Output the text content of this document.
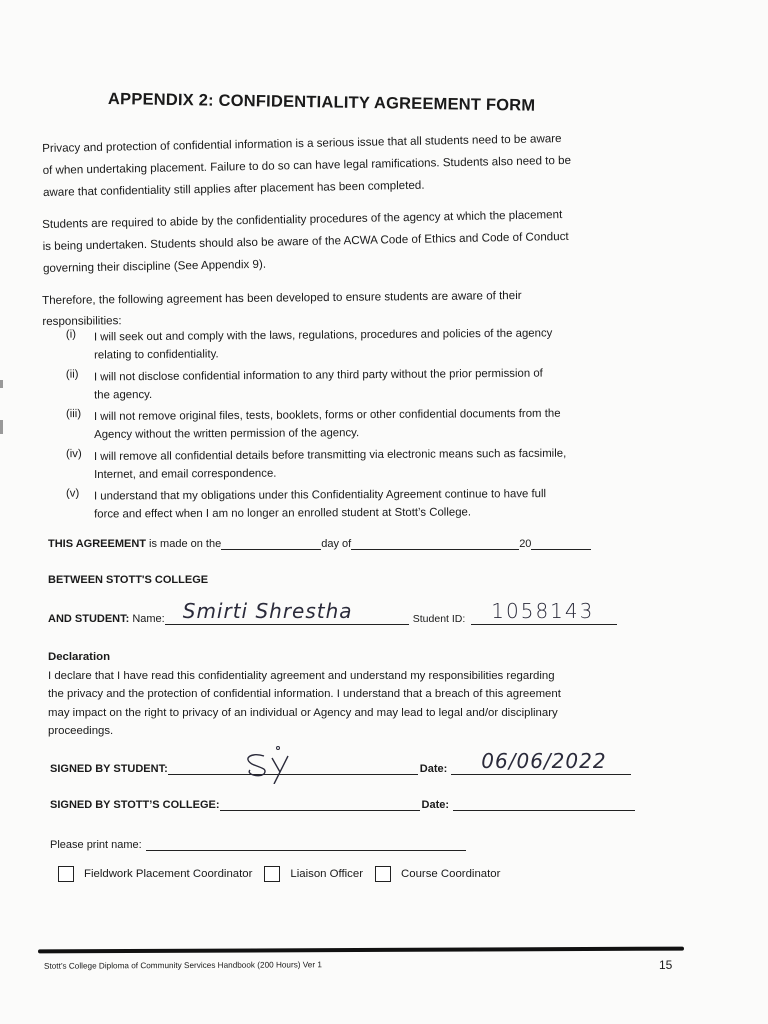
APPENDIX 2: CONFIDENTIALITY AGREEMENT FORM
Privacy and protection of confidential information is a serious issue that all students need to be aware
of when undertaking placement. Failure to do so can have legal ramifications. Students also need to be
aware that confidentiality still applies after placement has been completed.
Students are required to abide by the confidentiality procedures of the agency at which the placement
is being undertaken. Students should also be aware of the ACWA Code of Ethics and Code of Conduct
governing their discipline (See Appendix 9).
Therefore, the following agreement has been developed to ensure students are aware of their
responsibilities:
(i)	I will seek out and comply with the laws, regulations, procedures and policies of the agency
relating to confidentiality.
(ii)	I will not disclose confidential information to any third party without the prior permission of
the agency.
(iii)	I will not remove original files, tests, booklets, forms or other confidential documents from the
Agency without the written permission of the agency.
(iv)	I will remove all confidential details before transmitting via electronic means such as facsimile,
Internet, and email correspondence.
(v)	I understand that my obligations under this Confidentiality Agreement continue to have full
force and effect when I am no longer an enrolled student at Stott’s College.
THIS AGREEMENT is made on the	day of	20
BETWEEN STOTT'S COLLEGE
AND STUDENT: Name: Smirti Shrestha	Student ID: 1058143
Declaration
I declare that I have read this confidentiality agreement and understand my responsibilities regarding
the privacy and the protection of confidential information. I understand that a breach of this agreement
may impact on the right to privacy of an individual or Agency and may lead to legal and/or disciplinary
proceedings.
SIGNED BY STUDENT:	Date: 06/06/2022
SIGNED BY STOTT’S COLLEGE:	Date:
Please print name:
Fieldwork Placement Coordinator	Liaison Officer	Course Coordinator
Stott’s College Diploma of Community Services Handbook (200 Hours) Ver 1	15
